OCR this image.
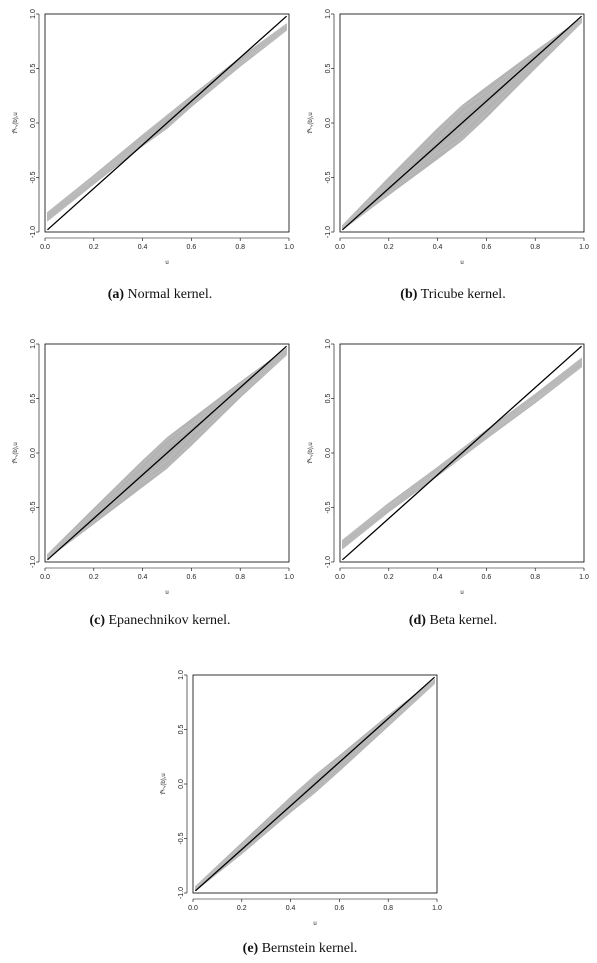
0.0	0.2	0.4	0.6	0.8	1.0
-1.0
-0.5
0.0
0.5
1.0
u
τ̂ᴺₕ,(b),u
(a) Normal kernel.
0.0	0.2	0.4	0.6	0.8	1.0
-1.0
-0.5
0.0
0.5
1.0
u
τ̂ᴺₕ,(b),u
(b) Tricube kernel.
0.0	0.2	0.4	0.6	0.8	1.0
-1.0
-0.5
0.0
0.5
1.0
u
τ̂ᴺₕ,(b),u
(c) Epanechnikov kernel.
0.0	0.2	0.4	0.6	0.8	1.0
-1.0
-0.5
0.0
0.5
1.0
u
τ̂ᴺₕ,(b),u
(d) Beta kernel.
0.0	0.2	0.4	0.6	0.8	1.0
-1.0
-0.5
0.0
0.5
1.0
u
τ̂ᴺₕ,(b),u
(e) Bernstein kernel.
